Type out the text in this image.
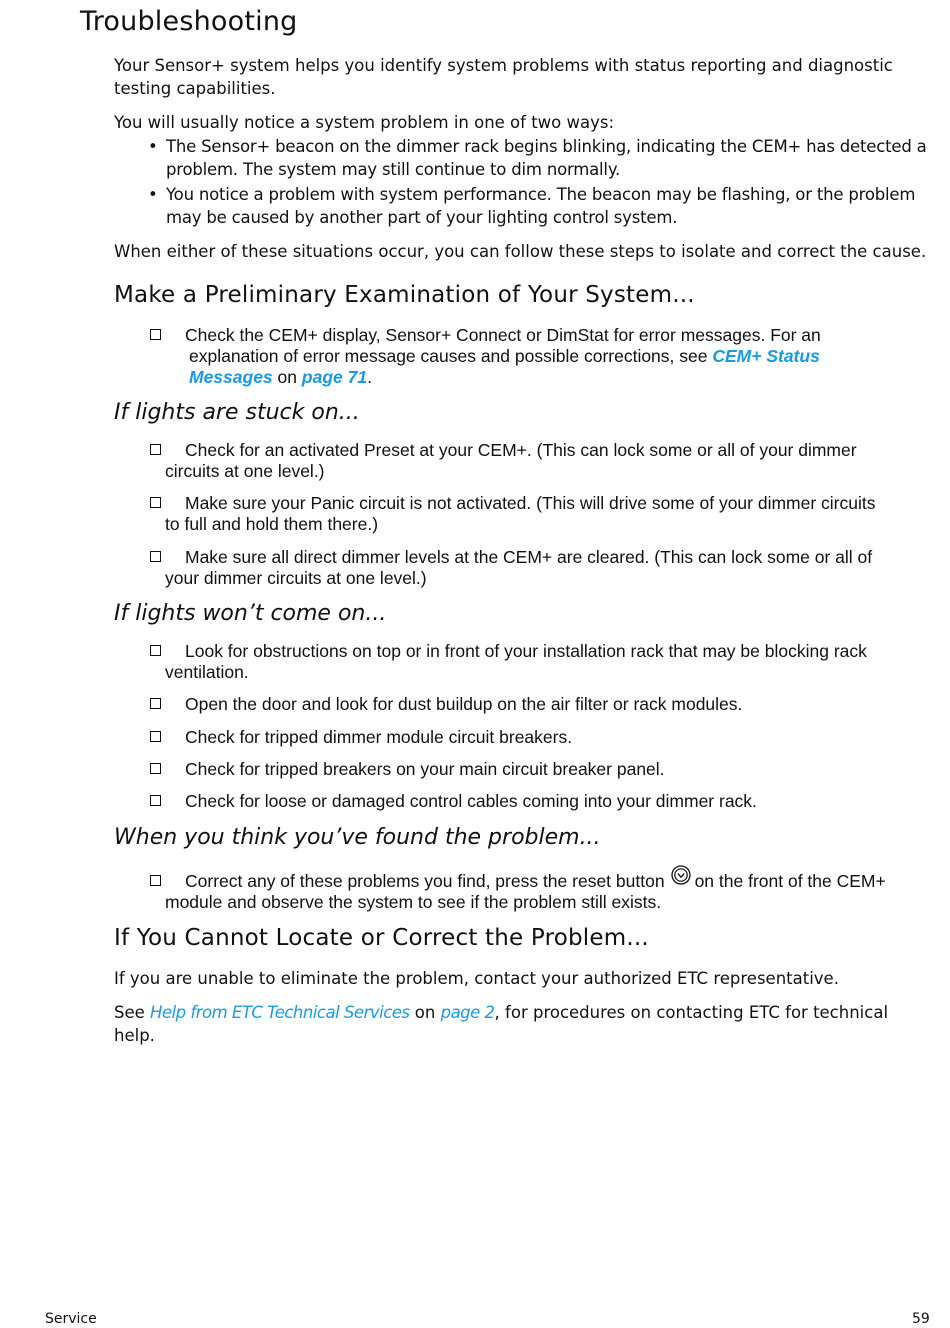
Troubleshooting

Your Sensor+ system helps you identify system problems with status reporting and diagnostic testing capabilities.

You will usually notice a system problem in one of two ways:

• The Sensor+ beacon on the dimmer rack begins blinking, indicating the CEM+ has detected a problem. The system may still continue to dim normally.
• You notice a problem with system performance. The beacon may be flashing, or the problem may be caused by another part of your lighting control system.

When either of these situations occur, you can follow these steps to isolate and correct the cause.

Make a Preliminary Examination of Your System...
Check the CEM+ display, Sensor+ Connect or DimStat for error messages. For an
explanation of error message causes and possible corrections, see CEM+ Status
Messages on page 71.
If lights are stuck on...
Check for an activated Preset at your CEM+. (This can lock some or all of your dimmer
circuits at one level.)
Make sure your Panic circuit is not activated. (This will drive some of your dimmer circuits
to full and hold them there.)
Make sure all direct dimmer levels at the CEM+ are cleared. (This can lock some or all of
your dimmer circuits at one level.)
If lights won’t come on...
Look for obstructions on top or in front of your installation rack that may be blocking rack
ventilation.
Open the door and look for dust buildup on the air filter or rack modules.
Check for tripped dimmer module circuit breakers.
Check for tripped breakers on your main circuit breaker panel.
Check for loose or damaged control cables coming into your dimmer rack.
When you think you’ve found the problem...
Correct any of these problems you find, press the reset button on the front of the CEM+
module and observe the system to see if the problem still exists.
If You Cannot Locate or Correct the Problem...

If you are unable to eliminate the problem, contact your authorized ETC representative.

See Help from ETC Technical Services on page 2, for procedures on contacting ETC for technical help.

Service	59
